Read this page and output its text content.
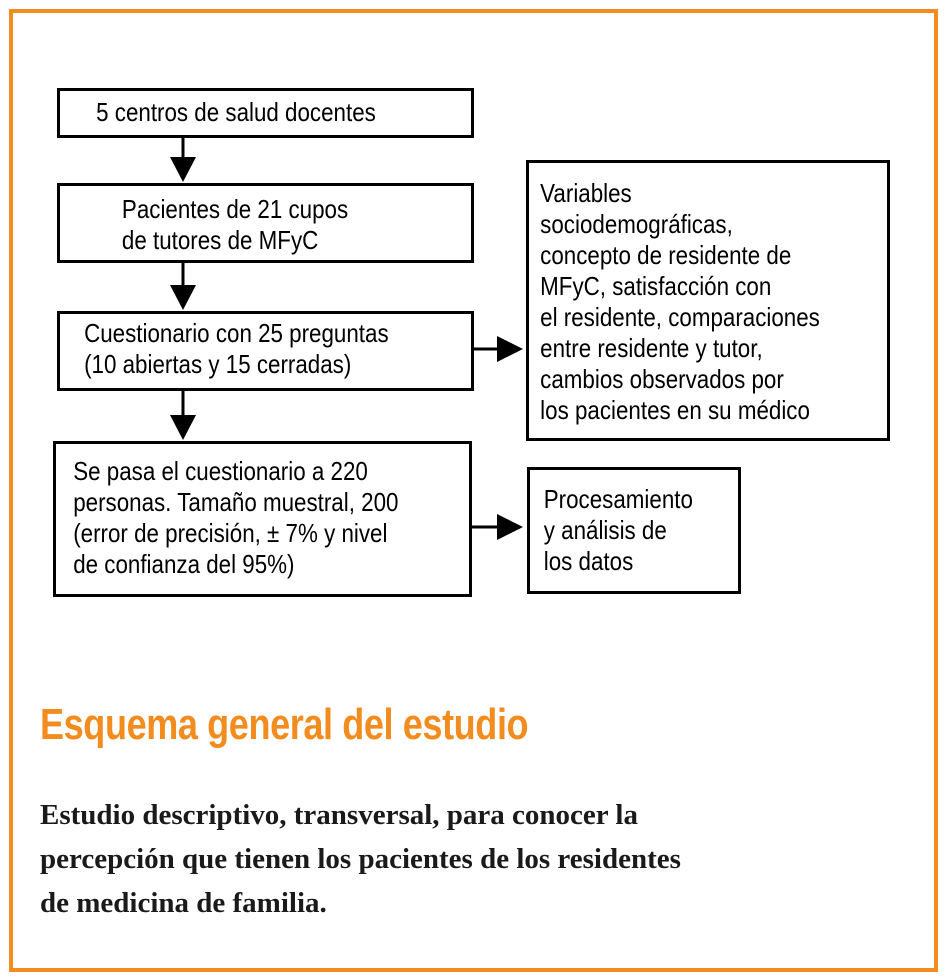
5 centros de salud docentes
Pacientes de 21 cupos
de tutores de MFyC
Cuestionario con 25 preguntas
(10 abiertas y 15 cerradas)
Se pasa el cuestionario a 220
personas. Tamaño muestral, 200
(error de precisión, ± 7% y nivel
de confianza del 95%)
Variables
sociodemográficas,
concepto de residente de
MFyC, satisfacción con
el residente, comparaciones
entre residente y tutor,
cambios observados por
los pacientes en su médico
Procesamiento
y análisis de
los datos
Esquema general del estudio
Estudio descriptivo, transversal, para conocer la
percepción que tienen los pacientes de los residentes
de medicina de familia.
